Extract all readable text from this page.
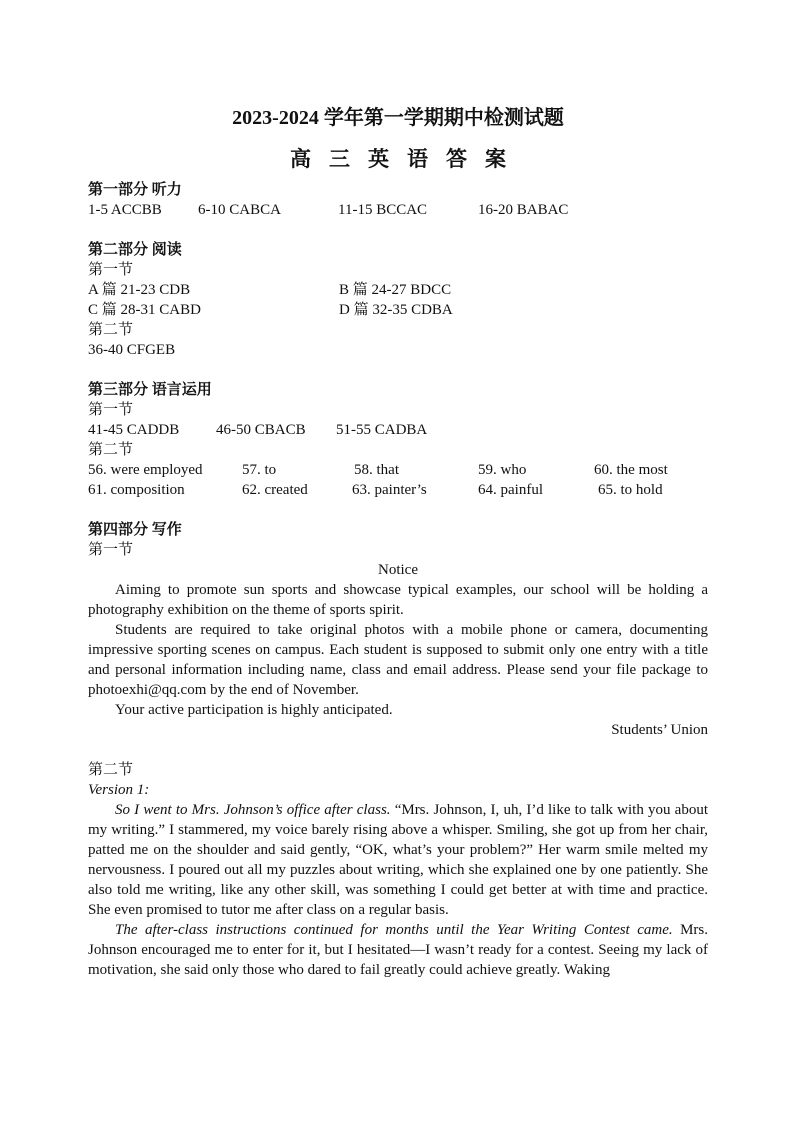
2023-2024 学年第一学期期中检测试题

高三英语答案

第一部分 听力

1-5 ACCBB	6-10 CABCA	11-15 BCCAC	16-20 BABAC

第二部分 阅读

第一节

A 篇 21-23 CDB	B 篇 24-27 BDCC
C 篇 28-31 CABD	D 篇 32-35 CDBA

第二节

36-40 CFGEB

第三部分 语言运用

第一节

41-45 CADDB	46-50 CBACB	51-55 CADBA

第二节

56. were employed	57. to	58. that	59. who	60. the most
61. composition	62. created	63. painter’s	64. painful	65. to hold

第四部分 写作

第一节

Notice

Aiming to promote sun sports and showcase typical examples, our school will be holding a photography exhibition on the theme of sports spirit.

Students are required to take original photos with a mobile phone or camera, documenting impressive sporting scenes on campus. Each student is supposed to submit only one entry with a title and personal information including name, class and email address. Please send your file package to photoexhi@qq.com by the end of November.

Your active participation is highly anticipated.

Students’ Union

第二节

Version 1:

So I went to Mrs. Johnson’s office after class. “Mrs. Johnson, I, uh, I’d like to talk with you about my writing.” I stammered, my voice barely rising above a whisper. Smiling, she got up from her chair, patted me on the shoulder and said gently, “OK, what’s your problem?” Her warm smile melted my nervousness. I poured out all my puzzles about writing, which she explained one by one patiently. She also told me writing, like any other skill, was something I could get better at with time and practice. She even promised to tutor me after class on a regular basis.

The after-class instructions continued for months until the Year Writing Contest came. Mrs. Johnson encouraged me to enter for it, but I hesitated—I wasn’t ready for a contest. Seeing my lack of motivation, she said only those who dared to fail greatly could achieve greatly. Waking
